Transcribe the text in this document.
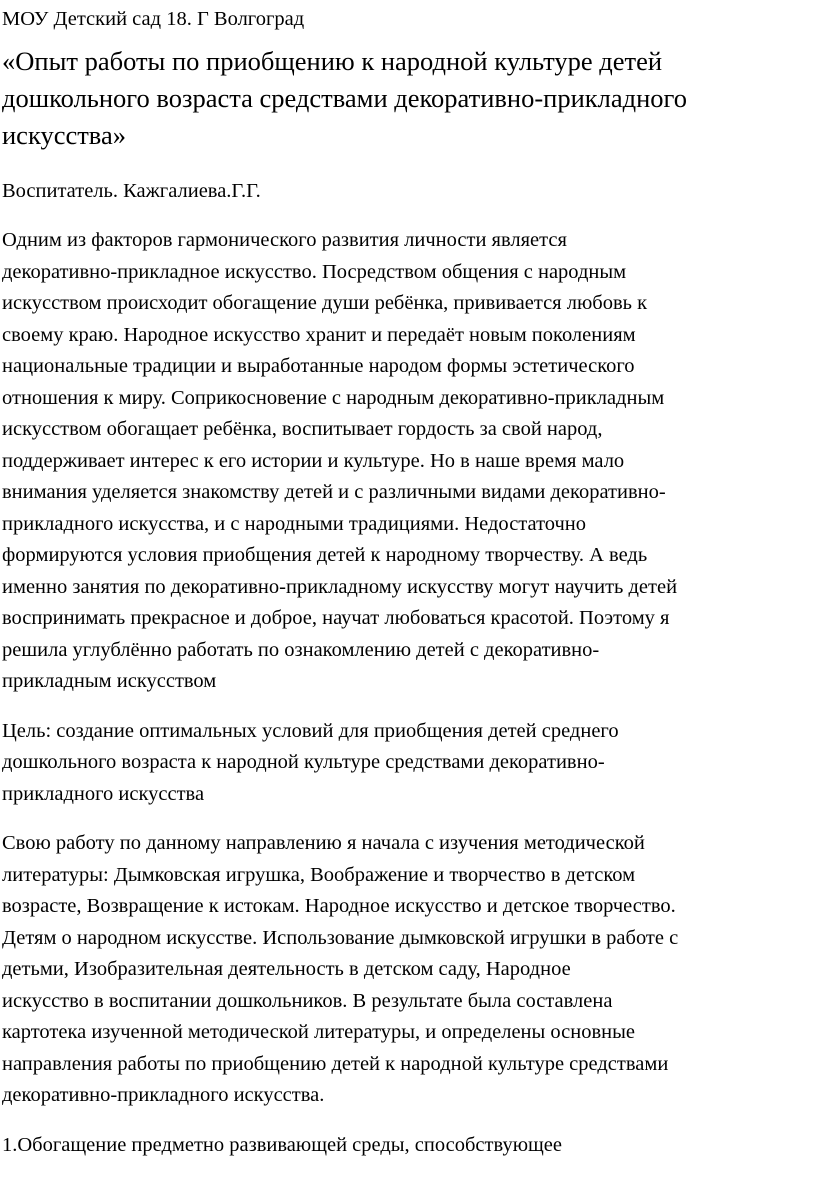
МОУ Детский сад 18. Г Волгоград

«Опыт работы по приобщению к народной культуре детей
дошкольного возраста средствами декоративно-прикладного
искусства»

Воспитатель. Кажгалиева.Г.Г.

Одним из факторов гармонического развития личности является
декоративно-прикладное искусство. Посредством общения с народным
искусством происходит обогащение души ребёнка, прививается любовь к
своему краю. Народное искусство хранит и передаёт новым поколениям
национальные традиции и выработанные народом формы эстетического
отношения к миру. Соприкосновение с народным декоративно-прикладным
искусством обогащает ребёнка, воспитывает гордость за свой народ,
поддерживает интерес к его истории и культуре. Но в наше время мало
внимания уделяется знакомству детей и с различными видами декоративно-
прикладного искусства, и с народными традициями. Недостаточно
формируются условия приобщения детей к народному творчеству. А ведь
именно занятия по декоративно-прикладному искусству могут научить детей
воспринимать прекрасное и доброе, научат любоваться красотой. Поэтому я
решила углублённо работать по ознакомлению детей с декоративно-
прикладным искусством
Цель: создание оптимальных условий для приобщения детей среднего
дошкольного возраста к народной культуре средствами декоративно-
прикладного искусства
Свою работу по данному направлению я начала с изучения методической
литературы: Дымковская игрушка, Воображение и творчество в детском
возрасте, Возвращение к истокам. Народное искусство и детское творчество.
Детям о народном искусстве. Использование дымковской игрушки в работе с
детьми, Изобразительная деятельность в детском саду, Народное
искусство в воспитании дошкольников. В результате была составлена
картотека изученной методической литературы, и определены основные
направления работы по приобщению детей к народной культуре средствами
декоративно-прикладного искусства.
1.Обогащение предметно развивающей среды, способствующее
